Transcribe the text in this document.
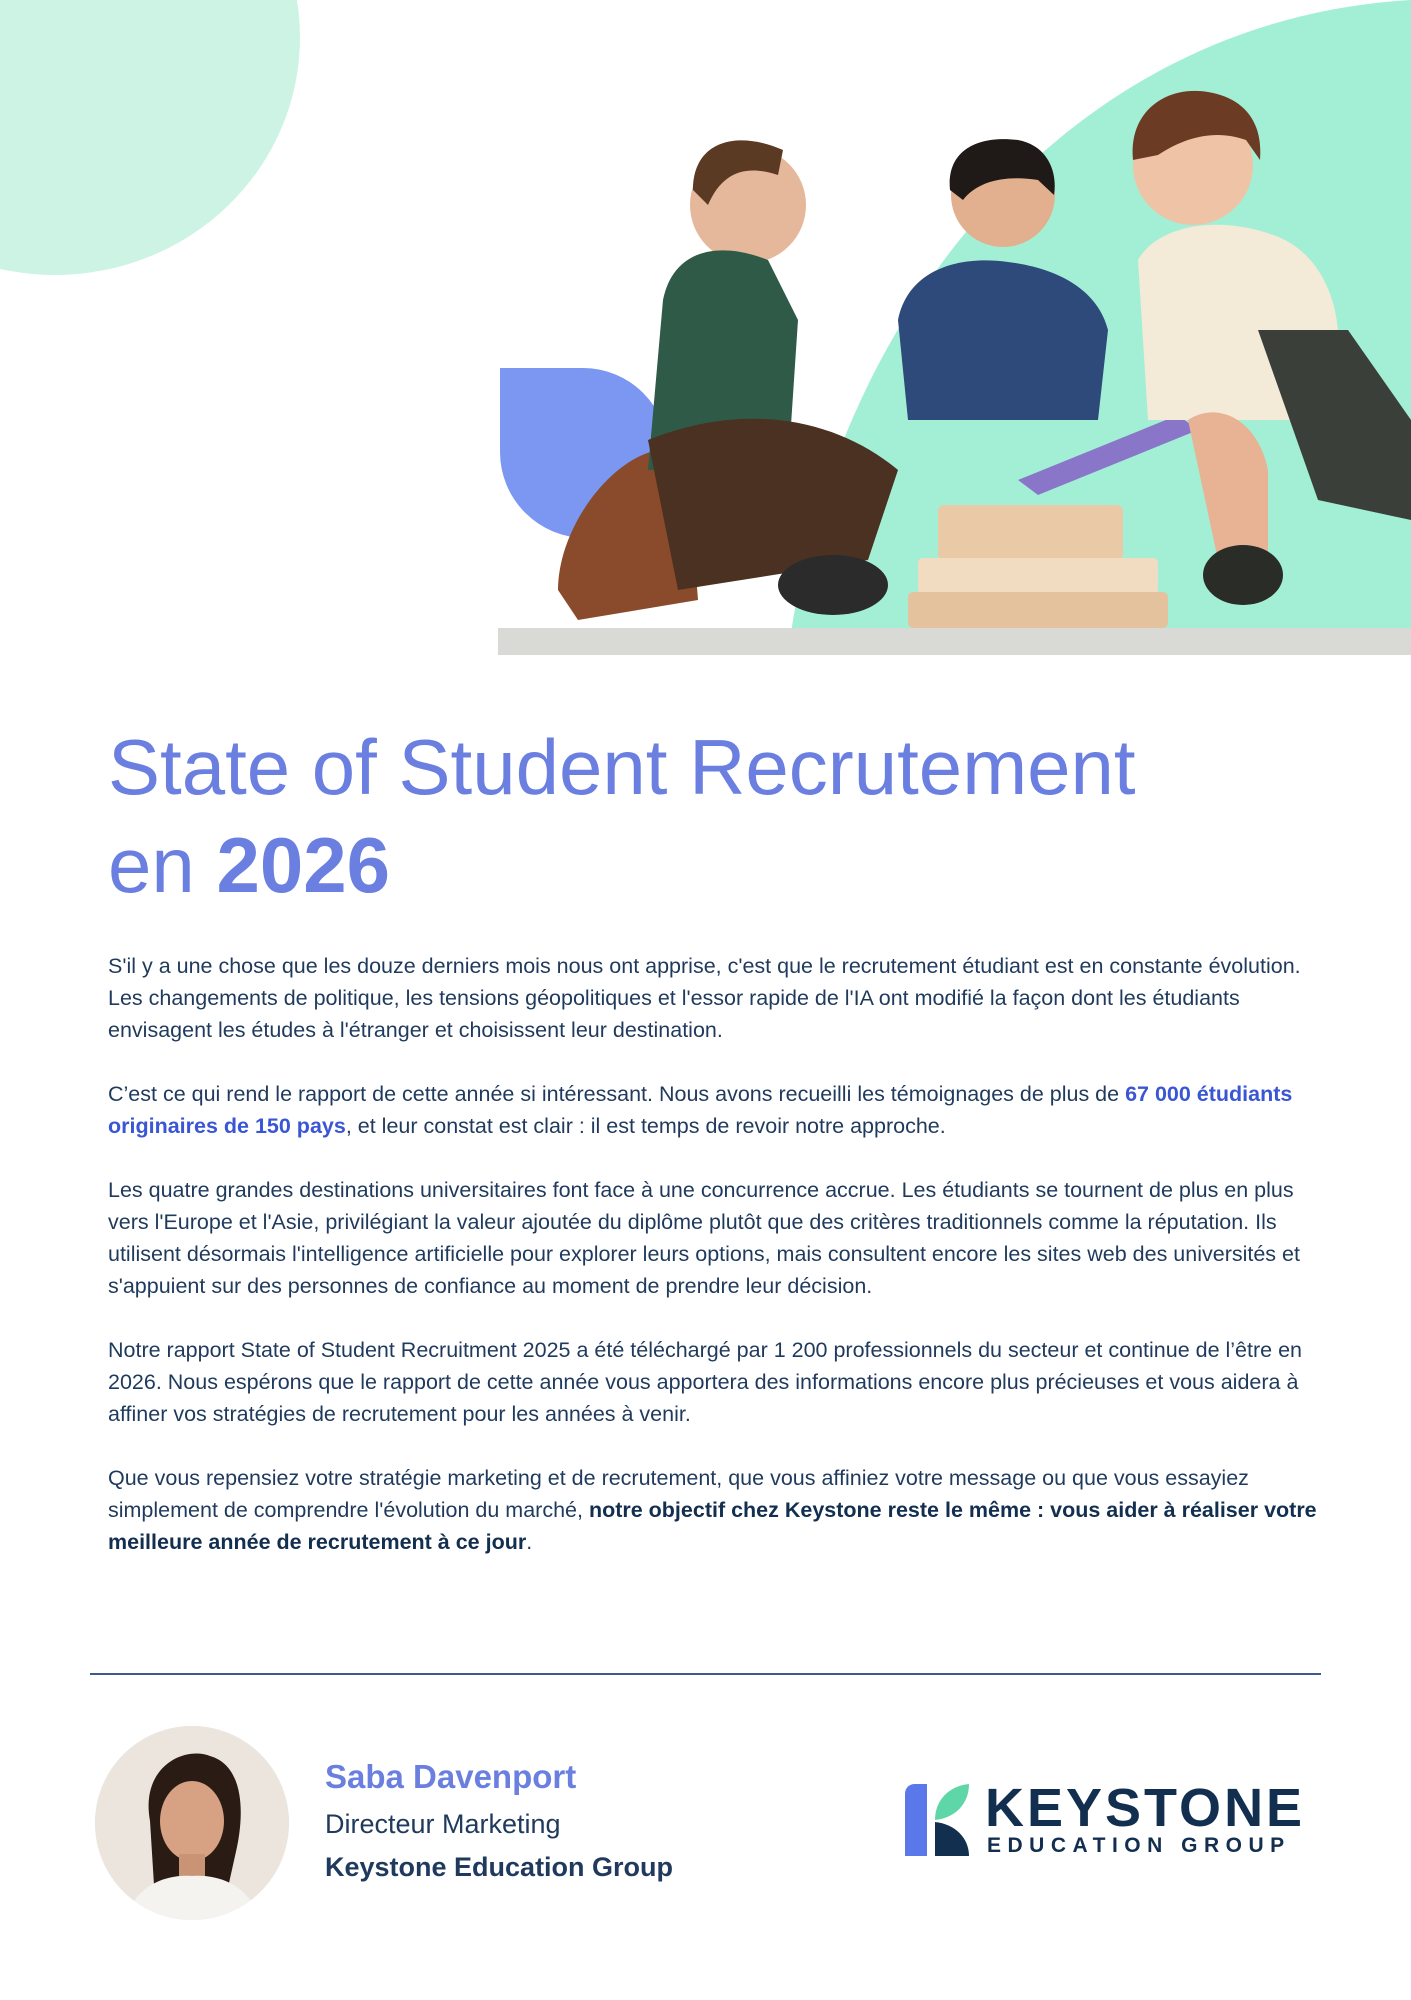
State of Student Recrutement
en 2026

S'il y a une chose que les douze derniers mois nous ont apprise, c'est que le recrutement étudiant est en constante évolution. Les changements de politique, les tensions géopolitiques et l'essor rapide de l'IA ont modifié la façon dont les étudiants envisagent les études à l'étranger et choisissent leur destination.

C’est ce qui rend le rapport de cette année si intéressant. Nous avons recueilli les témoignages de plus de 67 000 étudiants originaires de 150 pays, et leur constat est clair : il est temps de revoir notre approche.

Les quatre grandes destinations universitaires font face à une concurrence accrue. Les étudiants se tournent de plus en plus vers l'Europe et l'Asie, privilégiant la valeur ajoutée du diplôme plutôt que des critères traditionnels comme la réputation. Ils utilisent désormais l'intelligence artificielle pour explorer leurs options, mais consultent encore les sites web des universités et s'appuient sur des personnes de confiance au moment de prendre leur décision.

Notre rapport State of Student Recruitment 2025 a été téléchargé par 1 200 professionnels du secteur et continue de l’être en 2026. Nous espérons que le rapport de cette année vous apportera des informations encore plus précieuses et vous aidera à affiner vos stratégies de recrutement pour les années à venir.

Que vous repensiez votre stratégie marketing et de recrutement, que vous affiniez votre message ou que vous essayiez simplement de comprendre l'évolution du marché, notre objectif chez Keystone reste le même : vous aider à réaliser votre meilleure année de recrutement à ce jour.

Saba Davenport
Directeur Marketing
Keystone Education Group
KEYSTONE
EDUCATION GROUP
